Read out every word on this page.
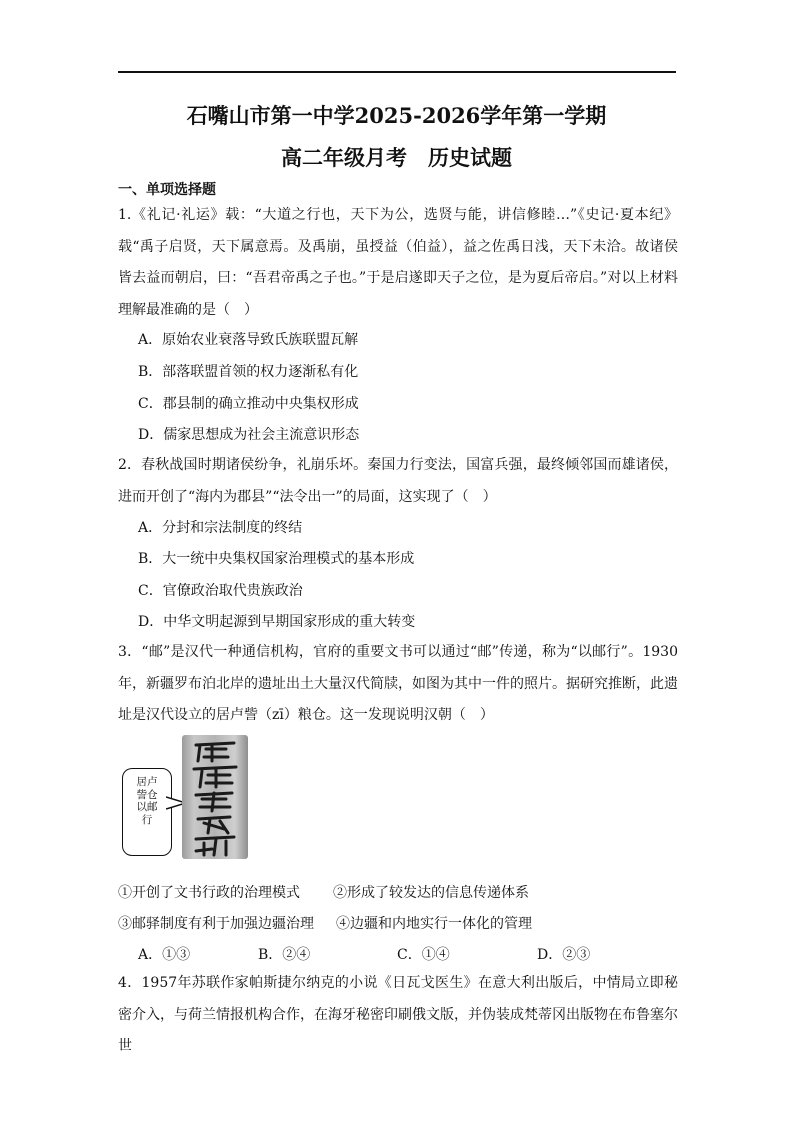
石嘴山市第一中学2025-2026学年第一学期
高二年级月考　历史试题
一、单项选择题
1.《礼记·礼运》载：“大道之行也，天下为公，选贤与能，讲信修睦…”《史记·夏本纪》载“禹子启贤，天下属意焉。及禹崩，虽授益（伯益），益之佐禹日浅，天下未洽。故诸侯皆去益而朝启，曰：“吾君帝禹之子也。”于是启遂即天子之位，是为夏后帝启。”对以上材料理解最准确的是（　）
A．原始农业衰落导致氏族联盟瓦解
B．部落联盟首领的权力逐渐私有化
C．郡县制的确立推动中央集权形成
D．儒家思想成为社会主流意识形态
2．春秋战国时期诸侯纷争，礼崩乐坏。秦国力行变法，国富兵强，最终倾邻国而雄诸侯，进而开创了“海内为郡县”“法令出一”的局面，这实现了（　）
A．分封和宗法制度的终结
B．大一统中央集权国家治理模式的基本形成
C．官僚政治取代贵族政治
D．中华文明起源到早期国家形成的重大转变
3．“邮”是汉代一种通信机构，官府的重要文书可以通过“邮”传递，称为“以邮行”。1930年，新疆罗布泊北岸的遗址出土大量汉代简牍，如图为其中一件的照片。据研究推断，此遗址是汉代设立的居卢訾（zī）粮仓。这一发现说明汉朝（　）
居卢訾仓以邮行
①开创了文书行政的治理模式 ②形成了较发达的信息传递体系
③邮驿制度有利于加强边疆治理 ④边疆和内地实行一体化的管理
A．①③	B．②④	C．①④	D．②③
4．1957年苏联作家帕斯捷尔纳克的小说《日瓦戈医生》在意大利出版后，中情局立即秘密介入，与荷兰情报机构合作，在海牙秘密印刷俄文版，并伪装成梵蒂冈出版物在布鲁塞尔世
